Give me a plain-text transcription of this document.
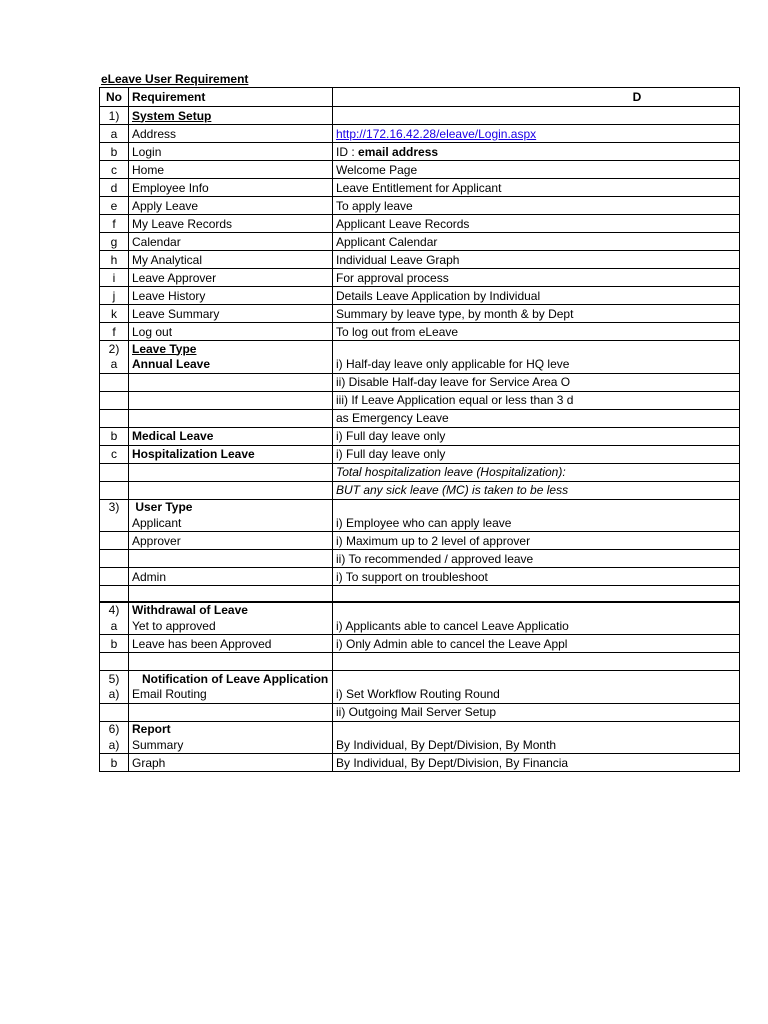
eLeave User Requirement
No	Requirement	D
1)	System Setup	
a	Address	http://172.16.42.28/eleave/Login.aspx
b	Login	ID : email address
c	Home	Welcome Page
d	Employee Info	Leave Entitlement for Applicant
e	Apply Leave	To apply leave
f	My Leave Records	Applicant Leave Records
g	Calendar	Applicant Calendar
h	My Analytical	Individual Leave Graph
i	Leave Approver	For approval process
j	Leave History	Details Leave Application by Individual
k	Leave Summary	Summary by leave type, by month & by Dept
f	Log out	To log out from eLeave
2)	Leave Type	
a	Annual Leave	i) Half-day leave only applicable for HQ leve
		ii) Disable Half-day leave for Service Area O
		iii) If Leave Application equal or less than 3 d
		as Emergency Leave
b	Medical Leave	i) Full day leave only
c	Hospitalization Leave	i) Full day leave only
		Total hospitalization leave (Hospitalization):
		BUT any sick leave (MC) is taken to be less
3)	User Type	
	Applicant	i) Employee who can apply leave
	Approver	i) Maximum up to 2 level of approver
		ii) To recommended / approved leave
	Admin	i) To support on troubleshoot

4)	Withdrawal of Leave	
a	Yet to approved	i) Applicants able to cancel Leave Applicatio
b	Leave has been Approved	i) Only Admin able to cancel the Leave Appl

5)	Notification of Leave Application	
a)	Email Routing	i) Set Workflow Routing Round
		ii) Outgoing Mail Server Setup
6)	Report	
a)	Summary	By Individual, By Dept/Division, By Month
b	Graph	By Individual, By Dept/Division, By Financia
